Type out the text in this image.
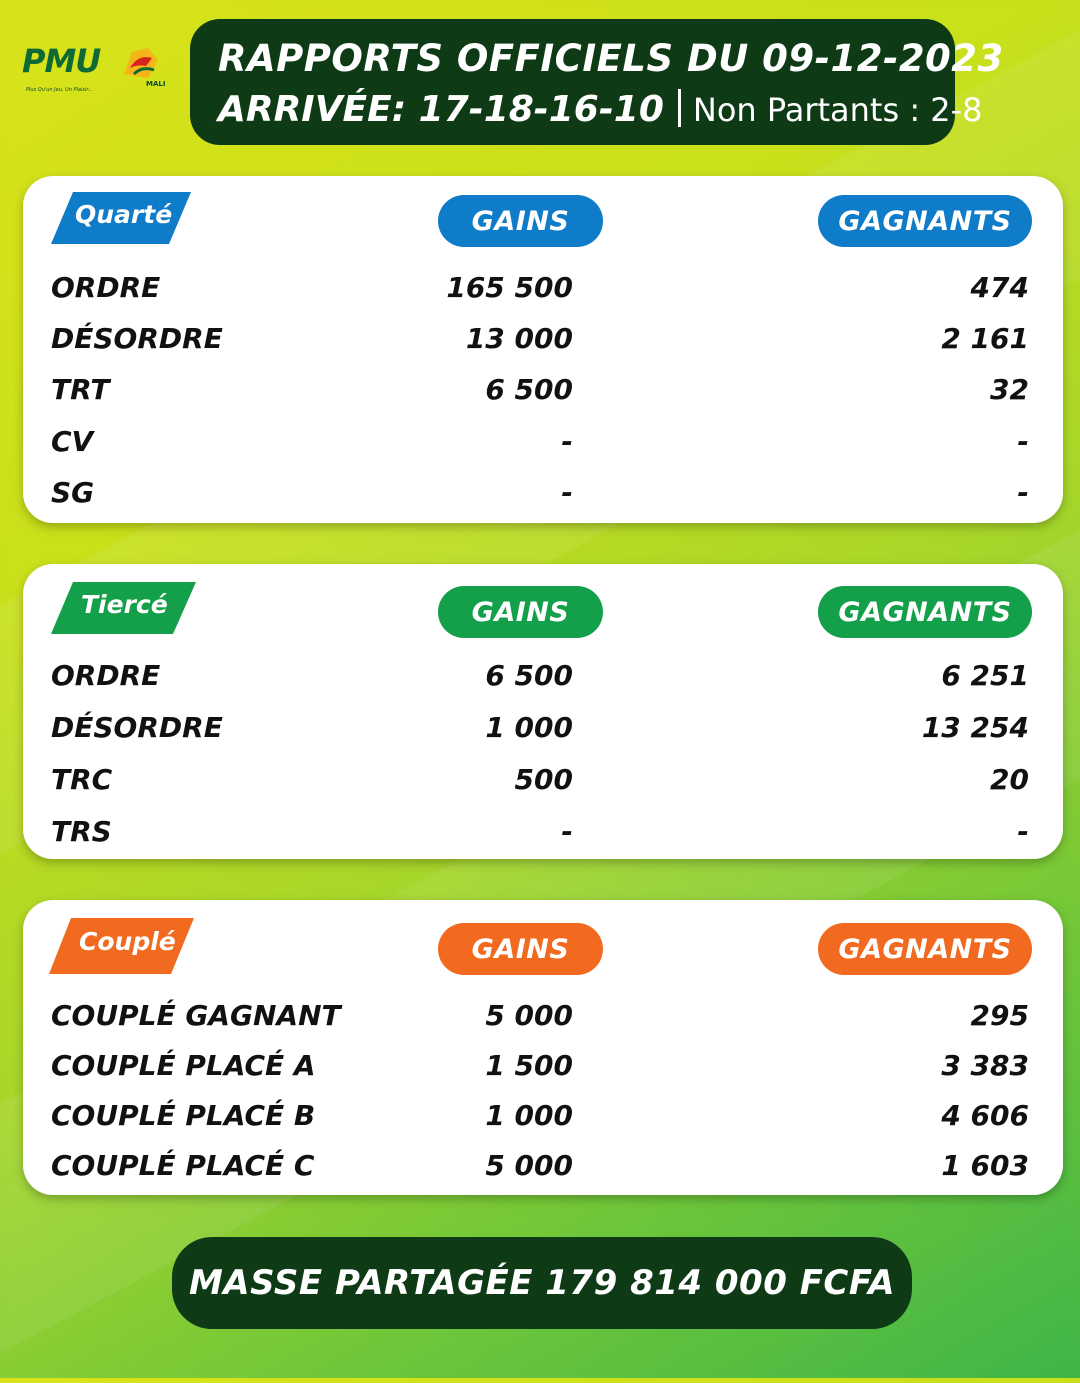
PMU
MALI
Plus Qu'un Jeu, Un Plaisir...
RAPPORTS OFFICIELS DU 09-12-2023
ARRIVÉE: 17-18-16-10 Non Partants : 2-8
Quarté	GAINS	GAGNANTS
ORDRE	165 500	474
DÉSORDRE	13 000	2 161
TRT	6 500	32
CV	-	-
SG	-	-
Tiercé	GAINS	GAGNANTS
ORDRE	6 500	6 251
DÉSORDRE	1 000	13 254
TRC	500	20
TRS	-	-
Couplé	GAINS	GAGNANTS
COUPLÉ GAGNANT	5 000	295
COUPLÉ PLACÉ A	1 500	3 383
COUPLÉ PLACÉ B	1 000	4 606
COUPLÉ PLACÉ C	5 000	1 603
MASSE PARTAGÉE 179 814 000 FCFA
